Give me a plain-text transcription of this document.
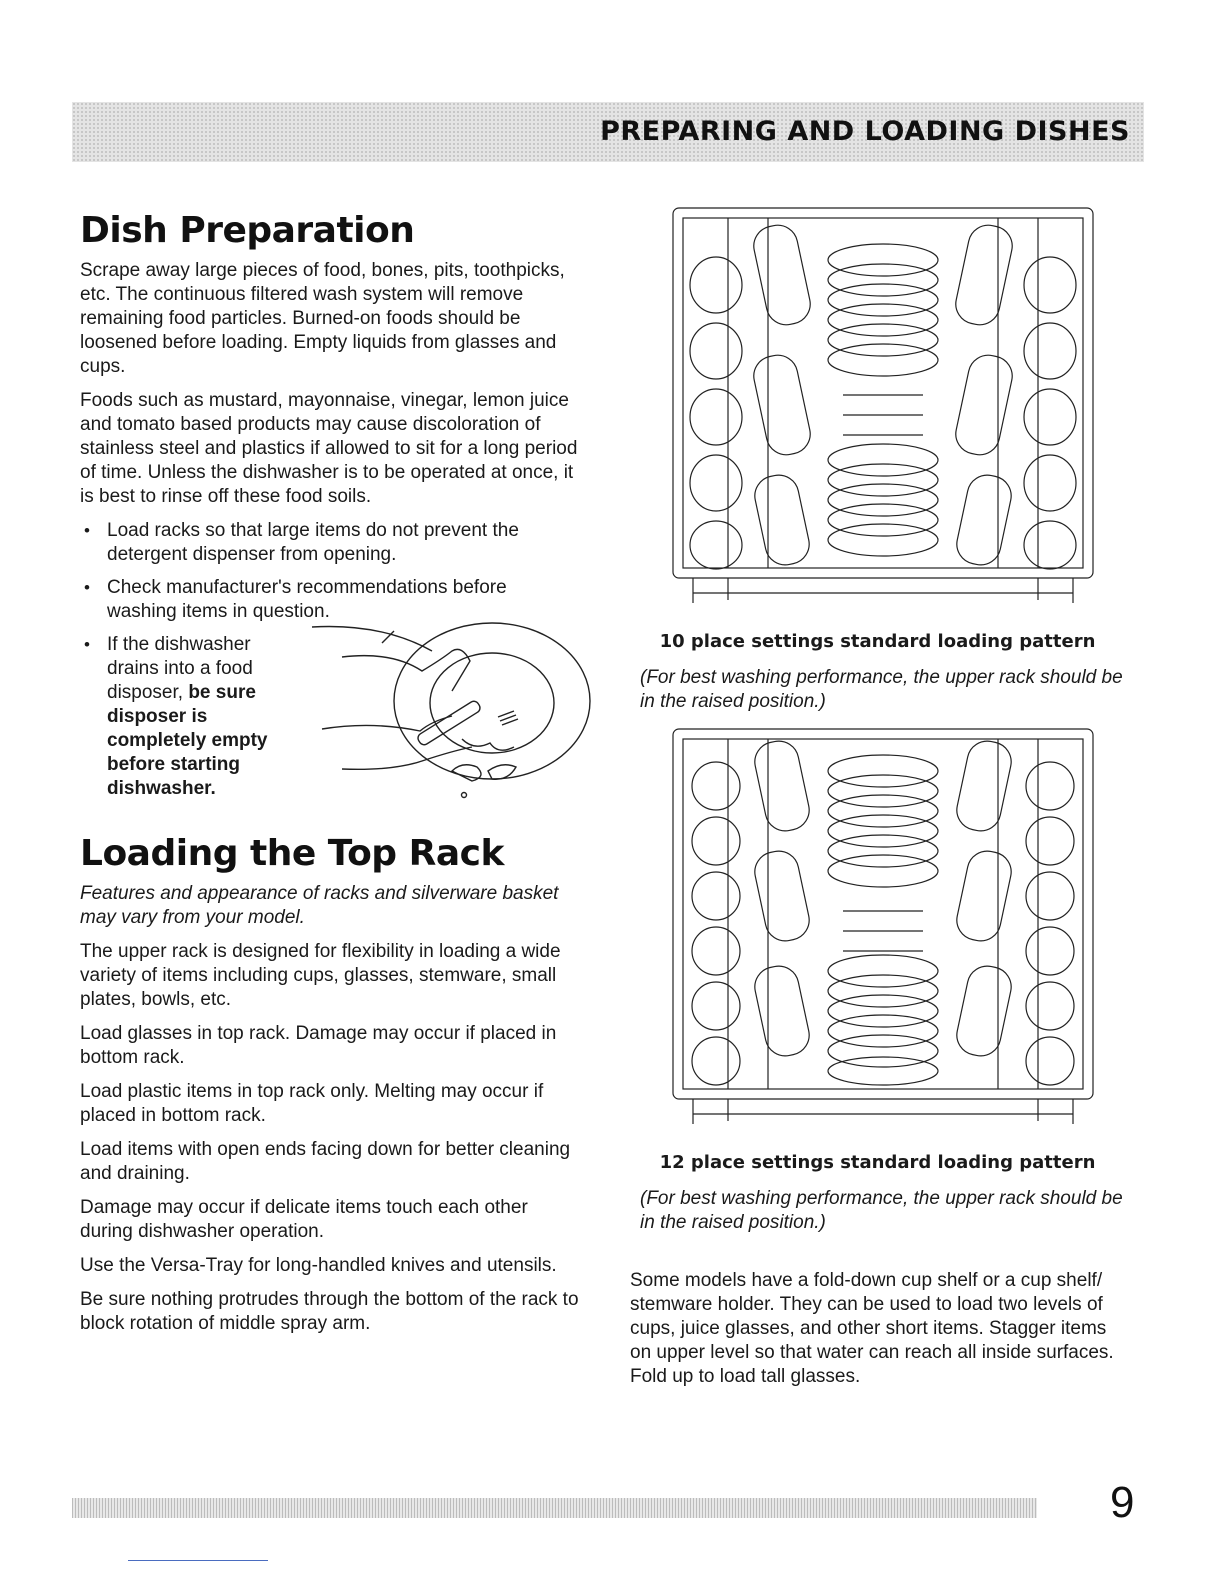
PREPARING AND LOADING DISHES
Dish Preparation

Scrape away large pieces of food, bones, pits, toothpicks, etc. The continuous filtered wash system will remove remaining food particles. Burned-on foods should be loosened before loading. Empty liquids from glasses and cups.

Foods such as mustard, mayonnaise, vinegar, lemon juice and tomato based products may cause discoloration of stainless steel and plastics if allowed to sit for a long period of time. Unless the dishwasher is to be operated at once, it is best to rinse off these food soils.

• Load racks so that large items do not prevent the detergent dispenser from opening.
• Check manufacturer's recommendations before washing items in question.
• If the dishwasher drains into a food disposer, be sure disposer is completely empty before starting dishwasher.
Loading the Top Rack

Features and appearance of racks and silverware basket may vary from your model.

The upper rack is designed for flexibility in loading a wide variety of items including cups, glasses, stemware, small plates, bowls, etc.

Load glasses in top rack. Damage may occur if placed in bottom rack.

Load plastic items in top rack only. Melting may occur if placed in bottom rack.

Load items with open ends facing down for better cleaning and draining.

Damage may occur if delicate items touch each other during dishwasher operation.

Use the Versa-Tray for long-handled knives and utensils.

Be sure nothing protrudes through the bottom of the rack to block rotation of middle spray arm.

10 place settings standard loading pattern
(For best washing performance, the upper rack should be in the raised position.)
12 place settings standard loading pattern
(For best washing performance, the upper rack should be in the raised position.)

Some models have a fold-down cup shelf or a cup shelf/ stemware holder. They can be used to load two levels of cups, juice glasses, and other short items. Stagger items on upper level so that water can reach all inside surfaces. Fold up to load tall glasses.

9
